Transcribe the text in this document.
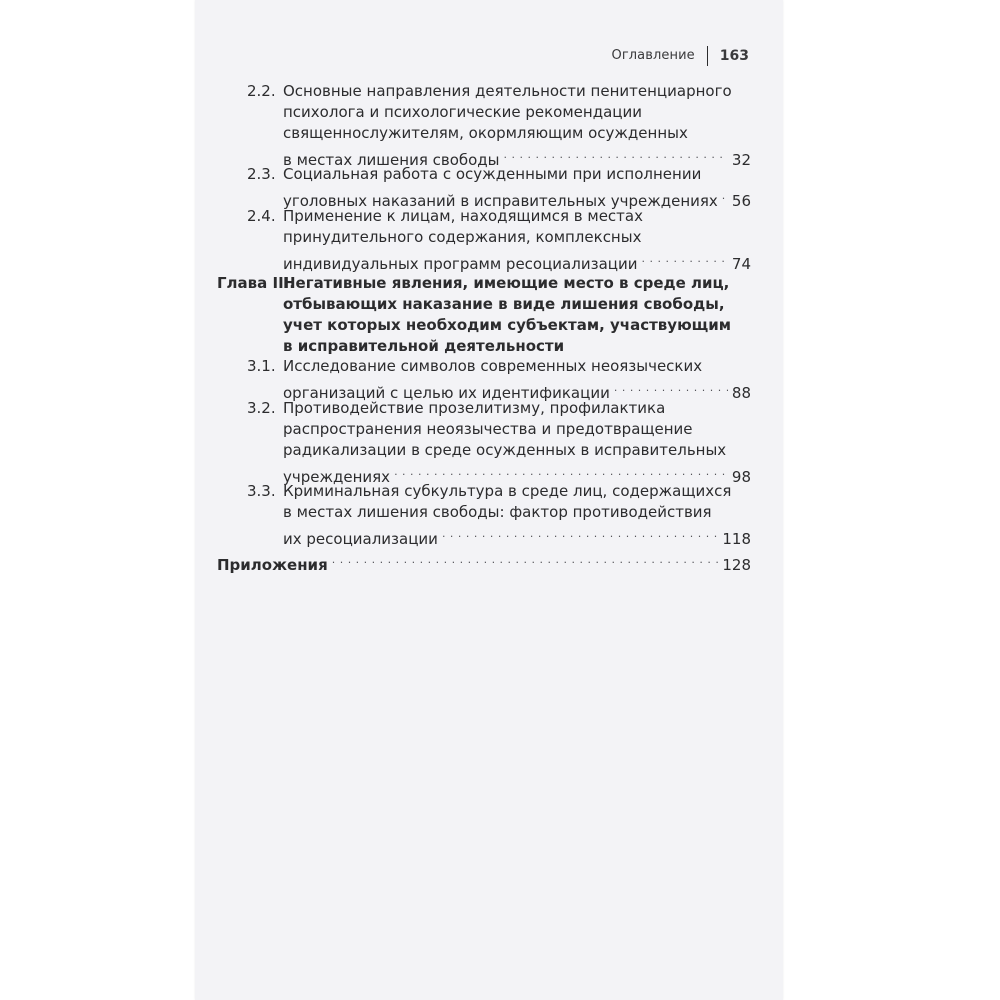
Оглавление 163
2.2. Основные направления деятельности пенитенциарного
психолога и психологические рекомендации
священнослужителям, окормляющим осужденных
в местах лишения свободы . . .	32
2.3. Социальная работа с осужденными при исполнении
уголовных наказаний в исправительных учреждениях . . . 56
2.4. Применение к лицам, находящимся в местах
принудительного содержания, комплексных
индивидуальных программ ресоциализации . . .	74
Глава III.
Негативные явления, имеющие место в среде лиц,
отбывающих наказание в виде лишения свободы,
учет которых необходим субъектам, участвующим
в исправительной деятельности
3.1. Исследование символов современных неоязыческих
организаций с целью их идентификации . . .	88
3.2. Противодействие прозелитизму, профилактика
распространения неоязычества и предотвращение
радикализации в среде осужденных в исправительных
учреждениях . . .	98
3.3. Криминальная субкультура в среде лиц, содержащихся
в местах лишения свободы: фактор противодействия
их ресоциализации . . .	118
Приложения . . .	128
